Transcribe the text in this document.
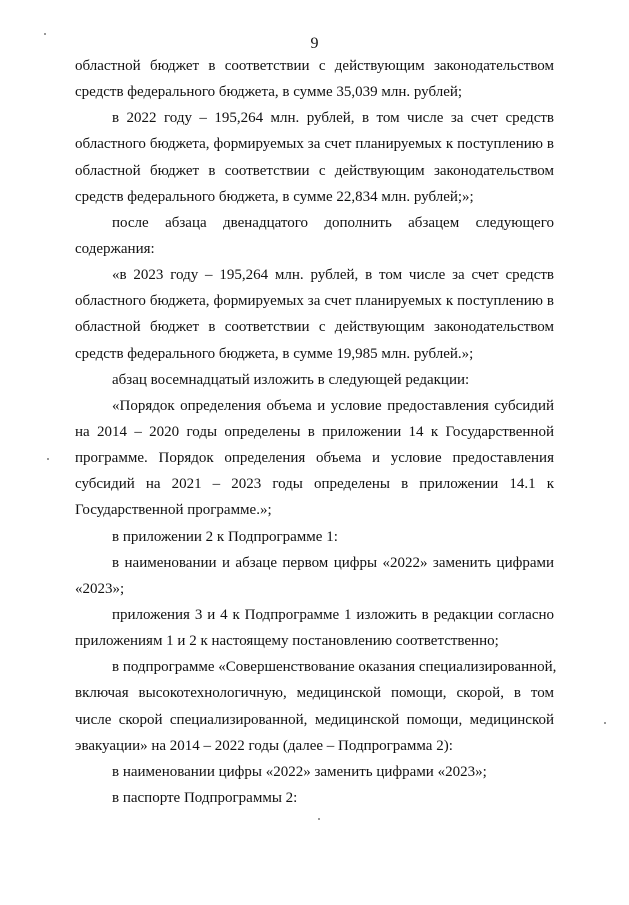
9
областной бюджет в соответствии с действующим законодательством
средств федерального бюджета, в сумме 35,039 млн. рублей;
в 2022 году – 195,264 млн. рублей, в том числе за счет средств
областного бюджета, формируемых за счет планируемых к поступлению в
областной бюджет в соответствии с действующим законодательством
средств федерального бюджета, в сумме 22,834 млн. рублей;»;
после абзаца двенадцатого дополнить абзацем следующего
содержания:
«в 2023 году – 195,264 млн. рублей, в том числе за счет средств
областного бюджета, формируемых за счет планируемых к поступлению в
областной бюджет в соответствии с действующим законодательством
средств федерального бюджета, в сумме 19,985 млн. рублей.»;
абзац восемнадцатый изложить в следующей редакции:
«Порядок определения объема и условие предоставления субсидий
на 2014 – 2020 годы определены в приложении 14 к Государственной
программе. Порядок определения объема и условие предоставления
субсидий на 2021 – 2023 годы определены в приложении 14.1 к
Государственной программе.»;
в приложении 2 к Подпрограмме 1:
в наименовании и абзаце первом цифры «2022» заменить цифрами
«2023»;
приложения 3 и 4 к Подпрограмме 1 изложить в редакции согласно
приложениям 1 и 2 к настоящему постановлению соответственно;
в подпрограмме «Совершенствование оказания специализированной,
включая высокотехнологичную, медицинской помощи, скорой, в том
числе скорой специализированной, медицинской помощи, медицинской
эвакуации» на 2014 – 2022 годы (далее – Подпрограмма 2):
в наименовании цифры «2022» заменить цифрами «2023»;
в паспорте Подпрограммы 2:
